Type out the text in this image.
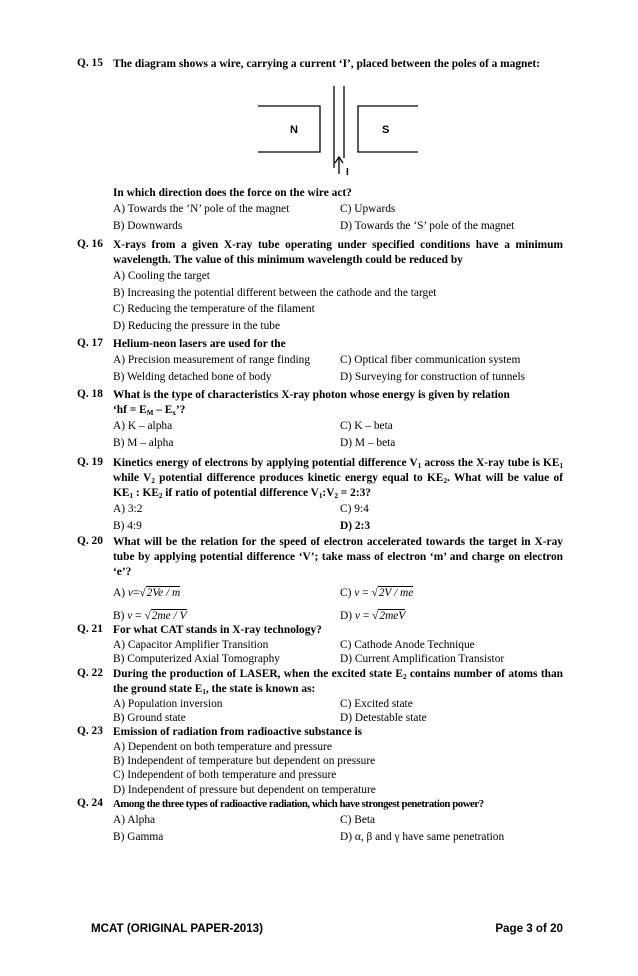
Q. 15 The diagram shows a wire, carrying a current ‘I’, placed between the poles of a magnet:
N	S
I
In which direction does the force on the wire act?
A) Towards the ‘N’ pole of the magnet	C) Upwards
B) Downwards	D) Towards the ‘S’ pole of the magnet
Q. 16 X-rays from a given X-ray tube operating under specified conditions have a minimum wavelength. The value of this minimum wavelength could be reduced by
A) Cooling the target
B) Increasing the potential different between the cathode and the target
C) Reducing the temperature of the filament
D) Reducing the pressure in the tube
Q. 17 Helium-neon lasers are used for the
A) Precision measurement of range finding	C) Optical fiber communication system
B) Welding detached bone of body	D) Surveying for construction of tunnels
Q. 18 What is the type of characteristics X-ray photon whose energy is given by relation
‘hf = $E_M - E_x$’?
A) K – alpha	C) K – beta
B) M – alpha	D) M – beta
Q. 19 Kinetics energy of electrons by applying potential difference $V_1$ across the X-ray tube is $KE_1$ while $V_2$ potential difference produces kinetic energy equal to $KE_2$. What will be value of $KE_1$ : $KE_2$ if ratio of potential difference $V_1:V_2$ = 2:3?
A) 3:2	C) 9:4
B) 4:9	D) 2:3
Q. 20 What will be the relation for the speed of electron accelerated towards the target in X-ray tube by applying potential difference ‘V’; take mass of electron ‘m’ and charge on electron ‘e’?
A) v=√2Ve / m	C) v = √2V / me
B) v = √2me / V	D) v = √2meV
Q. 21 For what CAT stands in X-ray technology?
A) Capacitor Amplifier Transition	C) Cathode Anode Technique
B) Computerized Axial Tomography	D) Current Amplification Transistor
Q. 22 During the production of LASER, when the excited state $E_2$ contains number of atoms than the ground state $E_1$, the state is known as:
A) Population inversion	C) Excited state
B) Ground state	D) Detestable state
Q. 23 Emission of radiation from radioactive substance is
A) Dependent on both temperature and pressure
B) Independent of temperature but dependent on pressure
C) Independent of both temperature and pressure
D) Independent of pressure but dependent on temperature
Q. 24 Among the three types of radioactive radiation, which have strongest penetration power?
A) Alpha	C) Beta
B) Gamma	D) α, β and γ have same penetration
MCAT (ORIGINAL PAPER-2013)	Page 3 of 20
